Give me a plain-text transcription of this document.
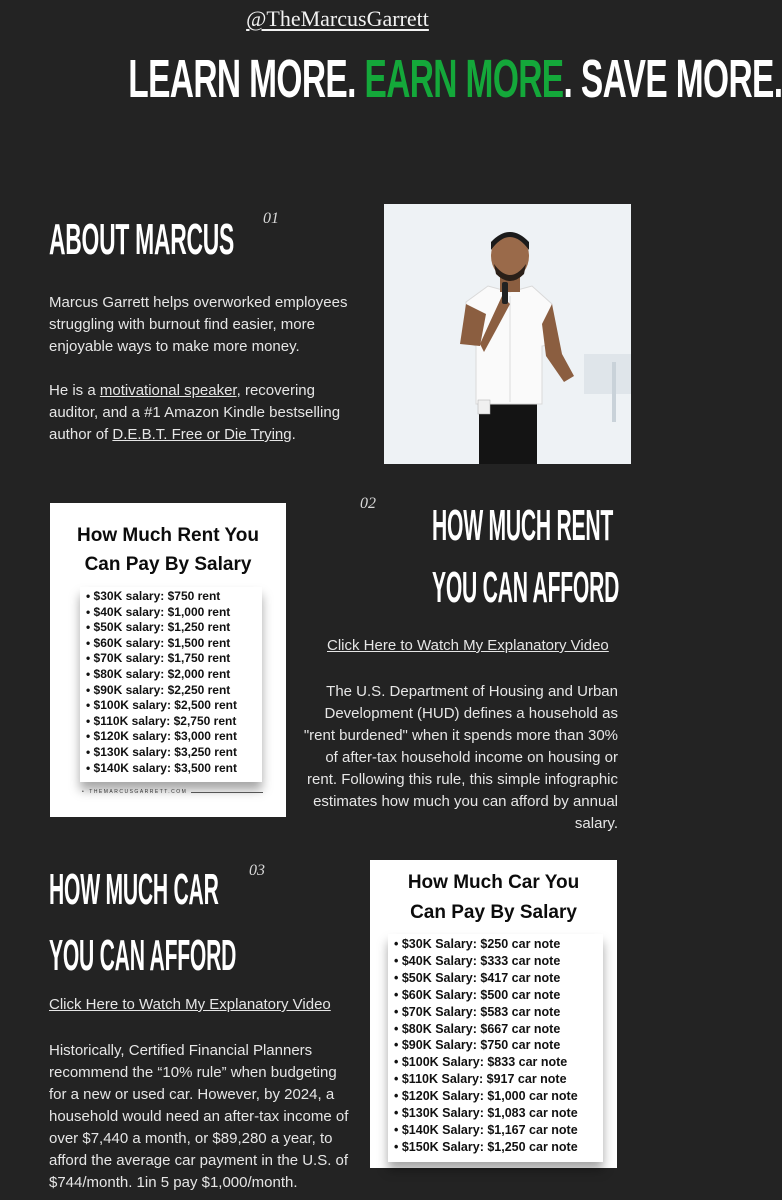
@TheMarcusGarrett
LEARN MORE. EARN MORE. SAVE MORE.
ABOUT MARCUS 01
Marcus Garrett helps overworked employees struggling with burnout find easier, more enjoyable ways to make more money.
He is a motivational speaker, recovering auditor, and a #1 Amazon Kindle bestselling author of D.E.B.T. Free or Die Trying.
How Much Rent You
Can Pay By Salary
• $30K salary: $750 rent
• $40K salary: $1,000 rent
• $50K salary: $1,250 rent
• $60K salary: $1,500 rent
• $70K salary: $1,750 rent
• $80K salary: $2,000 rent
• $90K salary: $2,250 rent
• $100K salary: $2,500 rent
• $110K salary: $2,750 rent
• $120K salary: $3,000 rent
• $130K salary: $3,250 rent
• $140K salary: $3,500 rent
• THEMARCUSGARRETT.COM
02 HOW MUCH RENT
YOU CAN AFFORD
Click Here to Watch My Explanatory Video
The U.S. Department of Housing and Urban Development (HUD) defines a household as "rent burdened" when it spends more than 30% of after-tax household income on housing or rent. Following this rule, this simple infographic estimates how much you can afford by annual salary.
HOW MUCH CAR 03
YOU CAN AFFORD
Click Here to Watch My Explanatory Video
Historically, Certified Financial Planners recommend the “10% rule” when budgeting for a new or used car. However, by 2024, a household would need an after-tax income of over $7,440 a month, or $89,280 a year, to afford the average car payment in the U.S. of $744/month. 1in 5 pay $1,000/month.
How Much Car You
Can Pay By Salary
• $30K Salary: $250 car note
• $40K Salary: $333 car note
• $50K Salary: $417 car note
• $60K Salary: $500 car note
• $70K Salary: $583 car note
• $80K Salary: $667 car note
• $90K Salary: $750 car note
• $100K Salary: $833 car note
• $110K Salary: $917 car note
• $120K Salary: $1,000 car note
• $130K Salary: $1,083 car note
• $140K Salary: $1,167 car note
• $150K Salary: $1,250 car note
